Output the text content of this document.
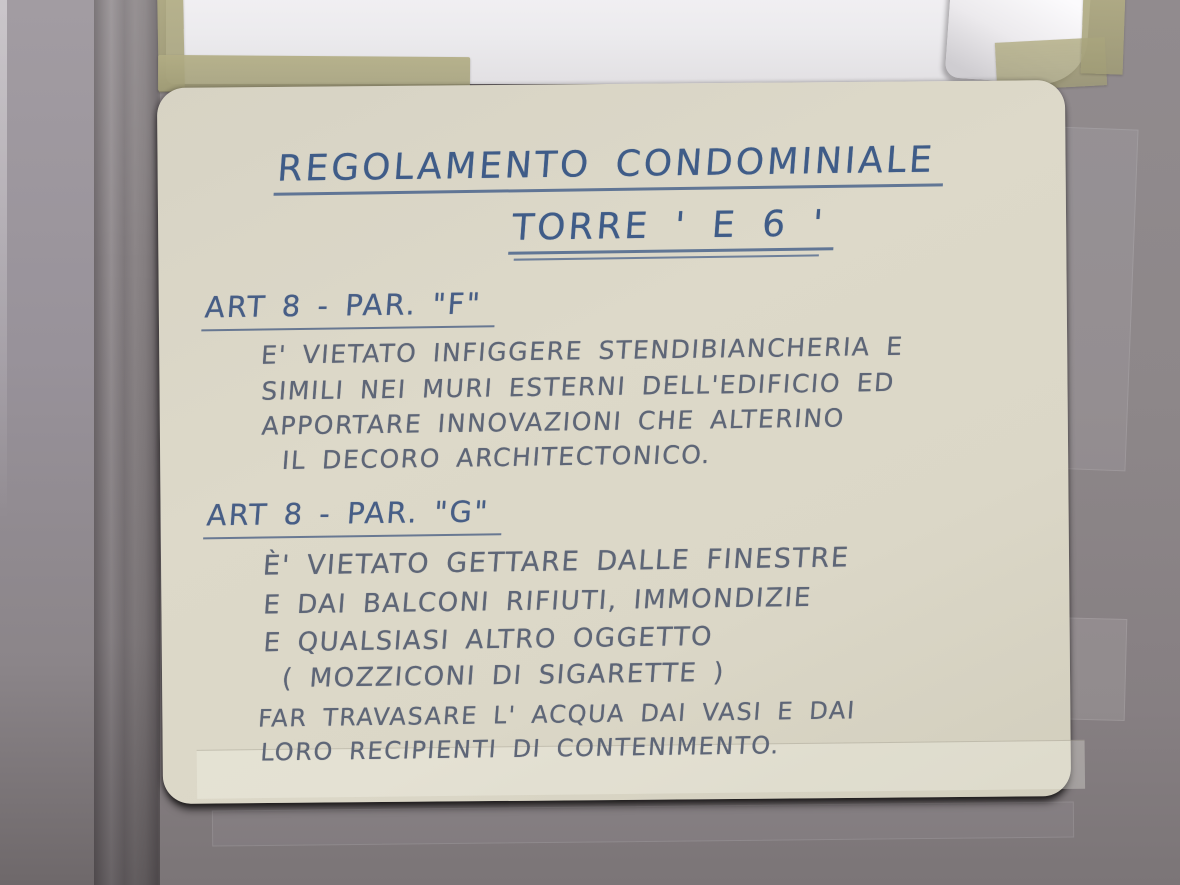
REGOLAMENTO CONDOMINIALE
TORRE ' E 6 '
ART 8 - PAR. "F"
E' VIETATO INFIGGERE STENDIBIANCHERIA E
SIMILI NEI MURI ESTERNI DELL'EDIFICIO ED
APPORTARE INNOVAZIONI CHE ALTERINO
IL DECORO ARCHITECTONICO.
ART 8 - PAR. "G"
È' VIETATO GETTARE DALLE FINESTRE
E DAI BALCONI RIFIUTI, IMMONDIZIE
E QUALSIASI ALTRO OGGETTO
( MOZZICONI DI SIGARETTE )
FAR TRAVASARE L' ACQUA DAI VASI E DAI
LORO RECIPIENTI DI CONTENIMENTO.
